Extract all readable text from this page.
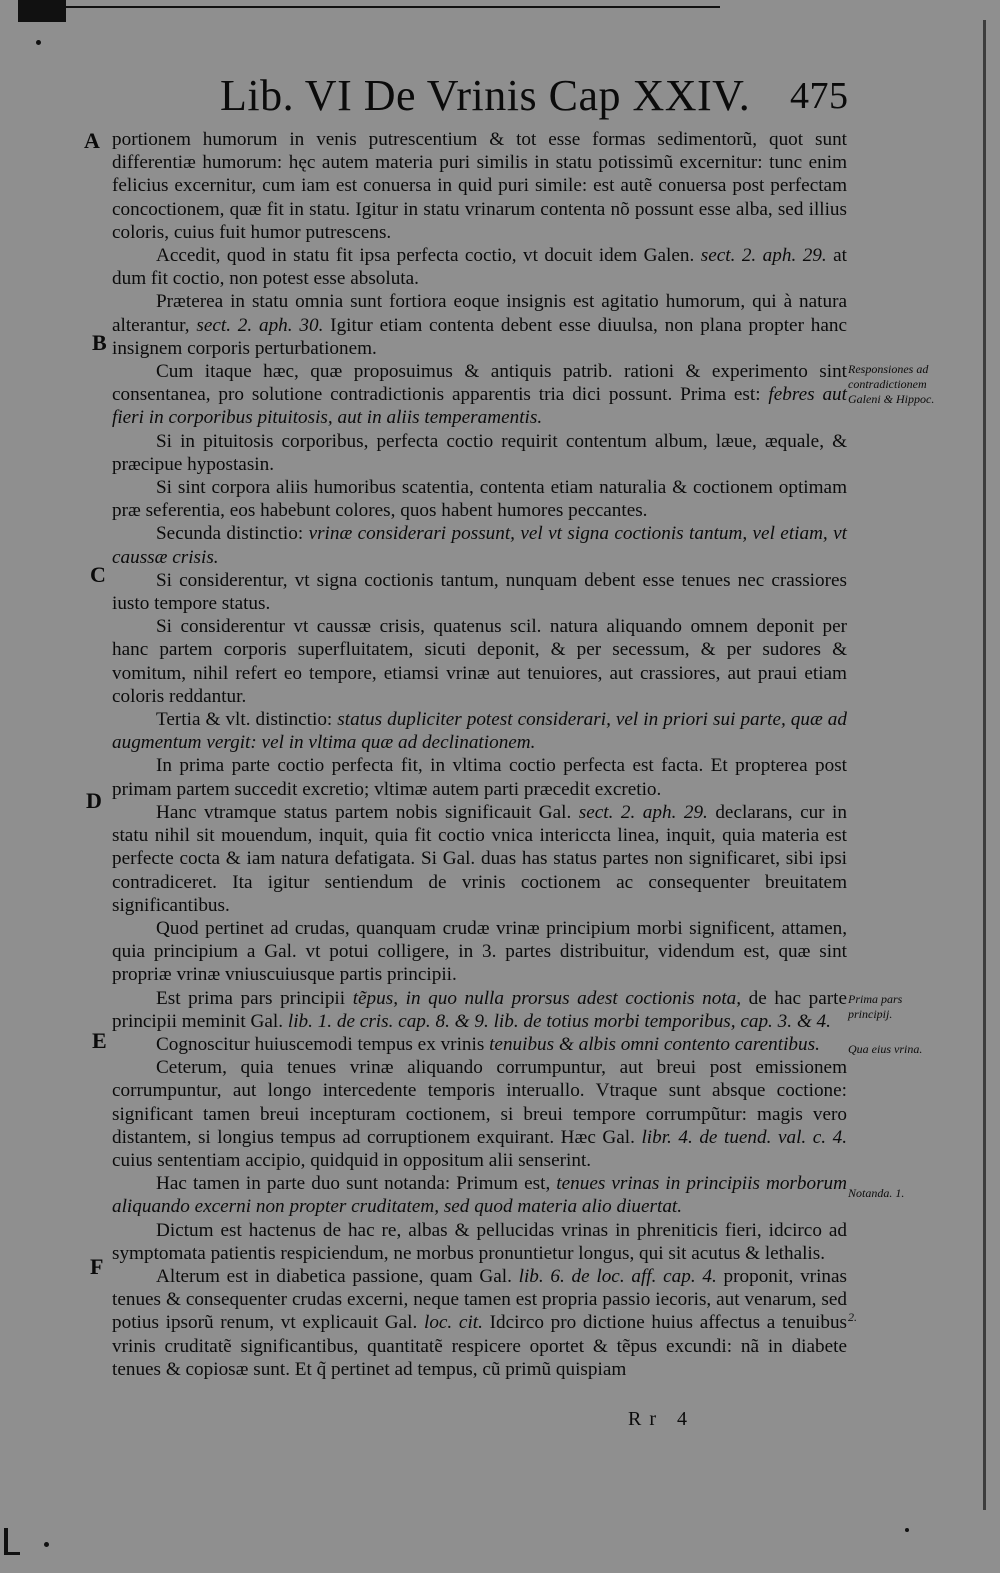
Lib. VI De Vrinis Cap XXIV. 475
A
B
C
D
E
F
Responsiones ad contradictionem Galeni & Hippoc.
Prima pars principij.
Qua eius vrina.
Notanda. 1.
2.

portionem humorum in venis putrescentium & tot esse formas sedimentorũ, quot sunt differentiæ humorum: hęc autem materia puri similis in statu potissimũ excernitur: tunc enim felicius excernitur, cum iam est conuersa in quid puri simile: est autẽ conuersa post perfectam concoctionem, quæ fit in statu. Igitur in statu vrinarum contenta nõ possunt esse alba, sed illius coloris, cuius fuit humor putrescens.

Accedit, quod in statu fit ipsa perfecta coctio, vt docuit idem Galen. sect. 2. aph. 29. at dum fit coctio, non potest esse absoluta.

Præterea in statu omnia sunt fortiora eoque insignis est agitatio humorum, qui à natura alterantur, sect. 2. aph. 30. Igitur etiam contenta debent esse diuulsa, non plana propter hanc insignem corporis perturbationem.

Cum itaque hæc, quæ proposuimus & antiquis patrib. rationi & experimento sint consentanea, pro solutione contradictionis apparentis tria dici possunt. Prima est: febres aut fieri in corporibus pituitosis, aut in aliis temperamentis.

Si in pituitosis corporibus, perfecta coctio requirit contentum album, læue, æquale, & præcipue hypostasin.

Si sint corpora aliis humoribus scatentia, contenta etiam naturalia & coctionem optimam præ seferentia, eos habebunt colores, quos habent humores peccantes.

Secunda distinctio: vrinæ considerari possunt, vel vt signa coctionis tantum, vel etiam, vt caussæ crisis.

Si considerentur, vt signa coctionis tantum, nunquam debent esse tenues nec crassiores iusto tempore status.

Si considerentur vt caussæ crisis, quatenus scil. natura aliquando omnem deponit per hanc partem corporis superfluitatem, sicuti deponit, & per secessum, & per sudores & vomitum, nihil refert eo tempore, etiamsi vrinæ aut tenuiores, aut crassiores, aut praui etiam coloris reddantur.

Tertia & vlt. distinctio: status dupliciter potest considerari, vel in priori sui parte, quæ ad augmentum vergit: vel in vltima quæ ad declinationem.

In prima parte coctio perfecta fit, in vltima coctio perfecta est facta. Et propterea post primam partem succedit excretio; vltimæ autem parti præcedit excretio.

Hanc vtramque status partem nobis significauit Gal. sect. 2. aph. 29. declarans, cur in statu nihil sit mouendum, inquit, quia fit coctio vnica intericcta linea, inquit, quia materia est perfecte cocta & iam natura defatigata. Si Gal. duas has status partes non significaret, sibi ipsi contradiceret. Ita igitur sentiendum de vrinis coctionem ac consequenter breuitatem significantibus.

Quod pertinet ad crudas, quanquam crudæ vrinæ principium morbi significent, attamen, quia principium a Gal. vt potui colligere, in 3. partes distribuitur, videndum est, quæ sint propriæ vrinæ vniuscuiusque partis principii.

Est prima pars principii tẽpus, in quo nulla prorsus adest coctionis nota, de hac parte principii meminit Gal. lib. 1. de cris. cap. 8. & 9. lib. de totius morbi temporibus, cap. 3. & 4.

Cognoscitur huiuscemodi tempus ex vrinis tenuibus & albis omni contento carentibus.

Ceterum, quia tenues vrinæ aliquando corrumpuntur, aut breui post emissionem corrumpuntur, aut longo intercedente temporis interuallo. Vtraque sunt absque coctione: significant tamen breui incepturam coctionem, si breui tempore corrumpũtur: magis vero distantem, si longius tempus ad corruptionem exquirant. Hæc Gal. libr. 4. de tuend. val. c. 4. cuius sententiam accipio, quidquid in oppositum alii senserint.

Hac tamen in parte duo sunt notanda: Primum est, tenues vrinas in principiis morborum aliquando excerni non propter cruditatem, sed quod materia alio diuertat.

Dictum est hactenus de hac re, albas & pellucidas vrinas in phreniticis fieri, idcirco ad symptomata patientis respiciendum, ne morbus pronuntietur longus, qui sit acutus & lethalis.

Alterum est in diabetica passione, quam Gal. lib. 6. de loc. aff. cap. 4. proponit, vrinas tenues & consequenter crudas excerni, neque tamen est propria passio iecoris, aut venarum, sed potius ipsorũ renum, vt explicauit Gal. loc. cit. Idcirco pro dictione huius affectus a tenuibus vrinis cruditatẽ significantibus, quantitatẽ respicere oportet & tẽpus excundi: nã in diabete tenues & copiosæ sunt. Et q̃ pertinet ad tempus, cũ primũ quispiam

Rr 4
